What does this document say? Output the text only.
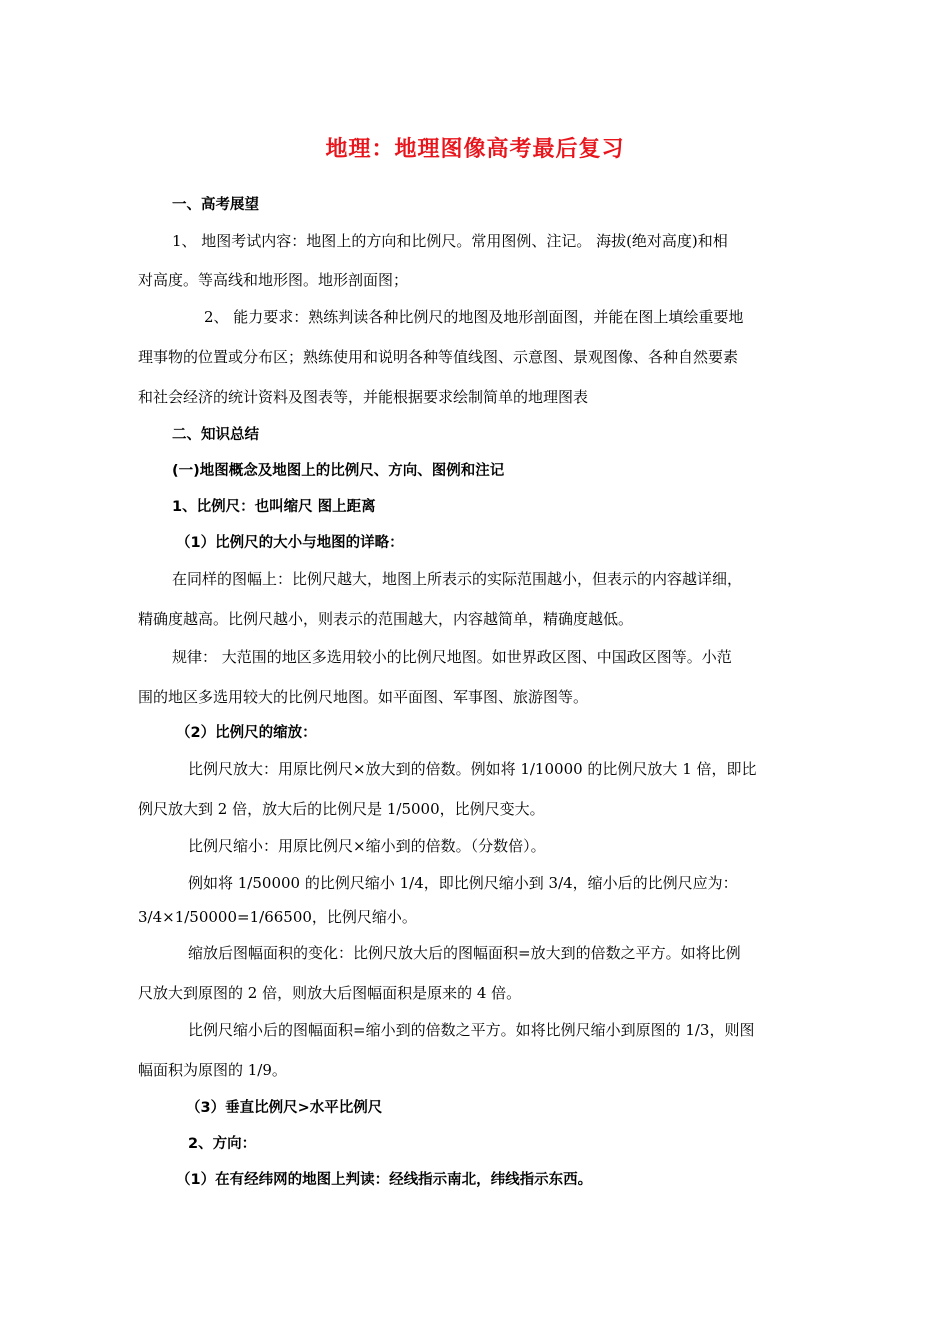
地理：地理图像高考最后复习
一、高考展望
1、 地图考试内容：地图上的方向和比例尺。常用图例、注记。 海拔(绝对高度)和相
对高度。等高线和地形图。地形剖面图；
2、 能力要求：熟练判读各种比例尺的地图及地形剖面图，并能在图上填绘重要地
理事物的位置或分布区；熟练使用和说明各种等值线图、示意图、景观图像、各种自然要素
和社会经济的统计资料及图表等，并能根据要求绘制简单的地理图表
二、知识总结
(一)地图概念及地图上的比例尺、方向、图例和注记
1、比例尺：也叫缩尺 图上距离
（1）比例尺的大小与地图的详略：
在同样的图幅上：比例尺越大，地图上所表示的实际范围越小，但表示的内容越详细，
精确度越高。比例尺越小，则表示的范围越大，内容越简单，精确度越低。
规律： 大范围的地区多选用较小的比例尺地图。如世界政区图、中国政区图等。小范
围的地区多选用较大的比例尺地图。如平面图、军事图、旅游图等。
（2）比例尺的缩放：
比例尺放大：用原比例尺×放大到的倍数。例如将 1/10000 的比例尺放大 1 倍，即比
例尺放大到 2 倍，放大后的比例尺是 1/5000，比例尺变大。
比例尺缩小：用原比例尺×缩小到的倍数。（分数倍）。
例如将 1/50000 的比例尺缩小 1/4，即比例尺缩小到 3/4，缩小后的比例尺应为：
3/4×1/50000=1/66500，比例尺缩小。
缩放后图幅面积的变化：比例尺放大后的图幅面积=放大到的倍数之平方。如将比例
尺放大到原图的 2 倍，则放大后图幅面积是原来的 4 倍。
比例尺缩小后的图幅面积=缩小到的倍数之平方。如将比例尺缩小到原图的 1/3，则图
幅面积为原图的 1/9。
（3）垂直比例尺>水平比例尺
2、方向：
（1）在有经纬网的地图上判读：经线指示南北，纬线指示东西。
